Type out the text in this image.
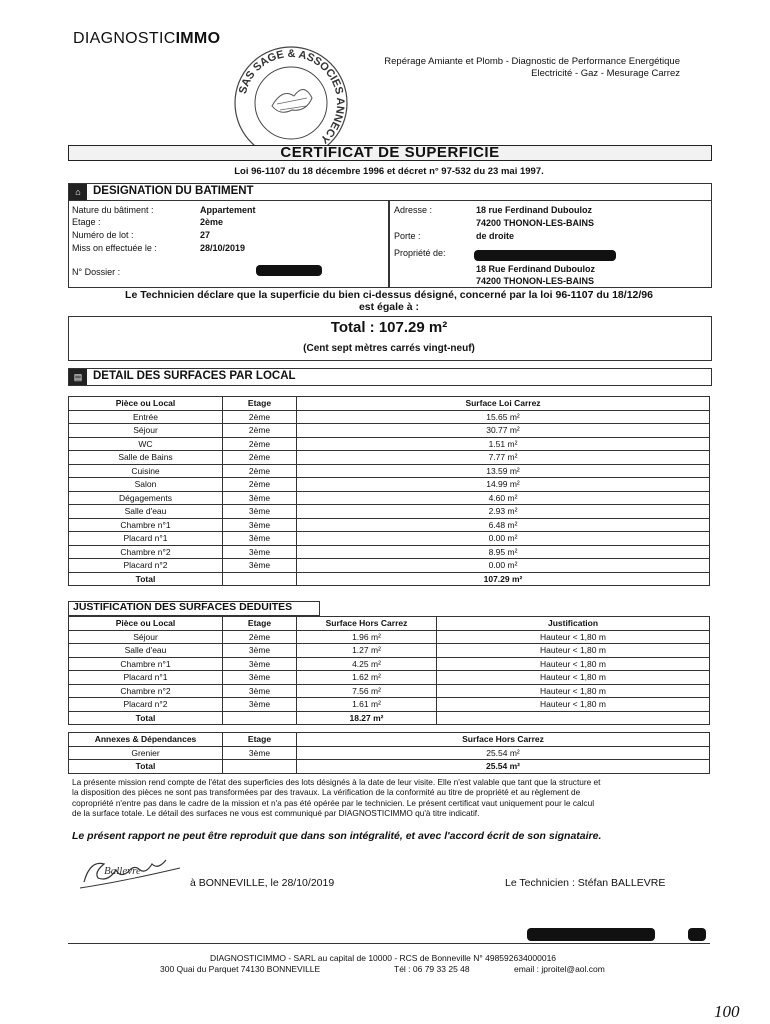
DIAGNOSTICIMMO
Repérage Amiante et Plomb - Diagnostic de Performance Energétique
Electricité - Gaz - Mesurage Carrez
SAS SAGE & ASSOCIES ANNECY
CERTIFICAT DE SUPERFICIE
Loi 96-1107 du 18 décembre 1996 et décret n° 97-532 du 23 mai 1997.
⌂	DESIGNATION DU BATIMENT
Nature du bâtiment :	Appartement
Etage :	2ème
Numéro de lot :	27
Miss on effectuée le :	28/10/2019
N° Dossier :
Adresse :	18 rue Ferdinand Dubouloz
74200 THONON-LES-BAINS
Porte :	de droite
Propriété de:
18 Rue Ferdinand Dubouloz
74200 THONON-LES-BAINS
Le Technicien déclare que la superficie du bien ci-dessus désigné, concerné par la loi 96-1107 du 18/12/96
est égale à :
Total : 107.29 m²
(Cent sept mètres carrés vingt-neuf)
▤ DETAIL DES SURFACES PAR LOCAL
Pièce ou Local	Etage	Surface Loi Carrez
Entrée	2ème	15.65 m²
Séjour	2ème	30.77 m²
WC	2ème	1.51 m²
Salle de Bains	2ème	7.77 m²
Cuisine	2ème	13.59 m²
Salon	2ème	14.99 m²
Dégagements	3ème	4.60 m²
Salle d'eau	3ème	2.93 m²
Chambre n°1	3ème	6.48 m²
Placard n°1	3ème	0.00 m²
Chambre n°2	3ème	8.95 m²
Placard n°2	3ème	0.00 m²
Total		107.29 m²
JUSTIFICATION DES SURFACES DEDUITES
Pièce ou Local	Etage	Surface Hors Carrez	Justification
Séjour	2ème	1.96 m²	Hauteur < 1,80 m
Salle d'eau	3ème	1.27 m²	Hauteur < 1,80 m
Chambre n°1	3ème	4.25 m²	Hauteur < 1,80 m
Placard n°1	3ème	1.62 m²	Hauteur < 1,80 m
Chambre n°2	3ème	7.56 m²	Hauteur < 1,80 m
Placard n°2	3ème	1.61 m²	Hauteur < 1,80 m
Total		18.27 m²	
Annexes & Dépendances	Etage	Surface Hors Carrez
Grenier	3ème	25.54 m²
Total		25.54 m²
La présente mission rend compte de l'état des superficies des lots désignés à la date de leur visite. Elle n'est valable que tant que la structure et
la disposition des pièces ne sont pas transformées par des travaux. La vérification de la conformité au titre de propriété et au règlement de
copropriété n'entre pas dans le cadre de la mission et n'a pas été opérée par le technicien. Le présent certificat vaut uniquement pour le calcul
de la surface totale. Le détail des surfaces ne vous est communiqué par DIAGNOSTICIMMO qu'à titre indicatif.
Le présent rapport ne peut être reproduit que dans son intégralité, et avec l'accord écrit de son signataire.
Ballevre
à BONNEVILLE, le 28/10/2019	Le Technicien : Stéfan BALLEVRE
DIAGNOSTICIMMO - SARL au capital de 10000 - RCS de Bonneville N° 498592634000016
300 Quai du Parquet 74130 BONNEVILLE	Tél : 06 79 33 25 48	email : jproitel@aol.com
100
